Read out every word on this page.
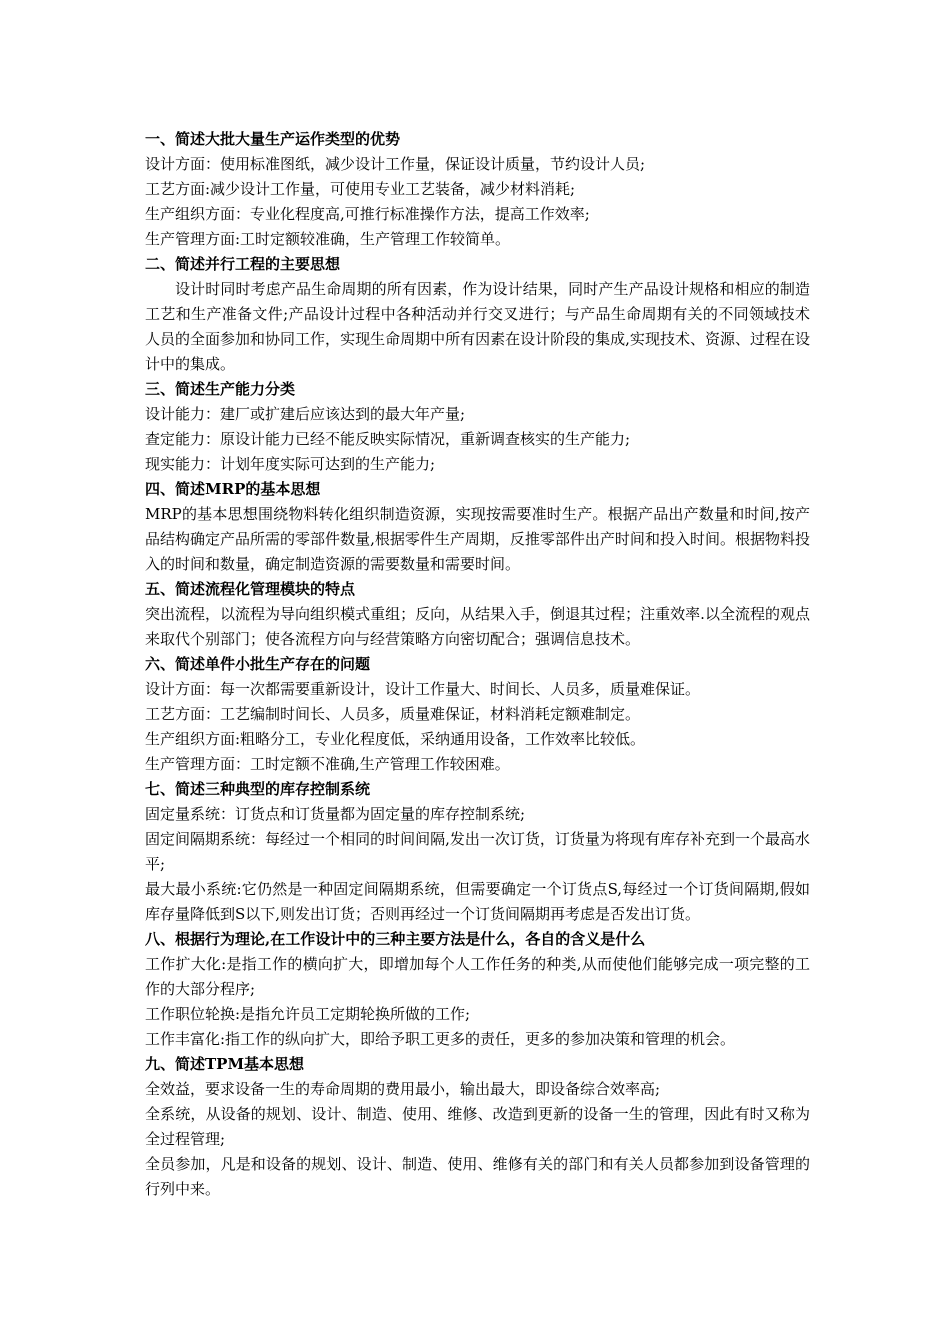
一、简述大批大量生产运作类型的优势

设计方面：使用标准图纸，减少设计工作量，保证设计质量，节约设计人员;

工艺方面:减少设计工作量，可使用专业工艺装备，减少材料消耗;

生产组织方面：专业化程度高,可推行标准操作方法，提高工作效率;

生产管理方面:工时定额较准确，生产管理工作较简单。

二、简述并行工程的主要思想

设计时同时考虑产品生命周期的所有因素，作为设计结果，同时产生产品设计规格和相应的制造工艺和生产准备文件;产品设计过程中各种活动并行交叉进行；与产品生命周期有关的不同领域技术人员的全面参加和协同工作，实现生命周期中所有因素在设计阶段的集成,实现技术、资源、过程在设计中的集成。

三、简述生产能力分类

设计能力：建厂或扩建后应该达到的最大年产量;

查定能力：原设计能力已经不能反映实际情况，重新调查核实的生产能力;

现实能力：计划年度实际可达到的生产能力;

四、简述MRP的基本思想

MRP的基本思想围绕物料转化组织制造资源，实现按需要准时生产。根据产品出产数量和时间,按产品结构确定产品所需的零部件数量,根据零件生产周期，反推零部件出产时间和投入时间。根据物料投入的时间和数量，确定制造资源的需要数量和需要时间。

五、简述流程化管理模块的特点

突出流程，以流程为导向组织模式重组；反向，从结果入手，倒退其过程；注重效率.以全流程的观点来取代个别部门；使各流程方向与经营策略方向密切配合；强调信息技术。

六、简述单件小批生产存在的问题

设计方面：每一次都需要重新设计，设计工作量大、时间长、人员多，质量难保证。

工艺方面：工艺编制时间长、人员多，质量难保证，材料消耗定额难制定。

生产组织方面:粗略分工，专业化程度低，采纳通用设备，工作效率比较低。

生产管理方面：工时定额不准确,生产管理工作较困难。

七、简述三种典型的库存控制系统

固定量系统：订货点和订货量都为固定量的库存控制系统;

固定间隔期系统：每经过一个相同的时间间隔,发出一次订货，订货量为将现有库存补充到一个最高水平;

最大最小系统:它仍然是一种固定间隔期系统，但需要确定一个订货点S,每经过一个订货间隔期,假如库存量降低到S以下,则发出订货；否则再经过一个订货间隔期再考虑是否发出订货。

八、根据行为理论,在工作设计中的三种主要方法是什么，各自的含义是什么

工作扩大化:是指工作的横向扩大，即增加每个人工作任务的种类,从而使他们能够完成一项完整的工作的大部分程序;

工作职位轮换:是指允许员工定期轮换所做的工作;

工作丰富化:指工作的纵向扩大，即给予职工更多的责任，更多的参加决策和管理的机会。

九、简述TPM基本思想

全效益，要求设备一生的寿命周期的费用最小，输出最大，即设备综合效率高;

全系统，从设备的规划、设计、制造、使用、维修、改造到更新的设备一生的管理，因此有时又称为全过程管理;

全员参加，凡是和设备的规划、设计、制造、使用、维修有关的部门和有关人员都参加到设备管理的行列中来。
